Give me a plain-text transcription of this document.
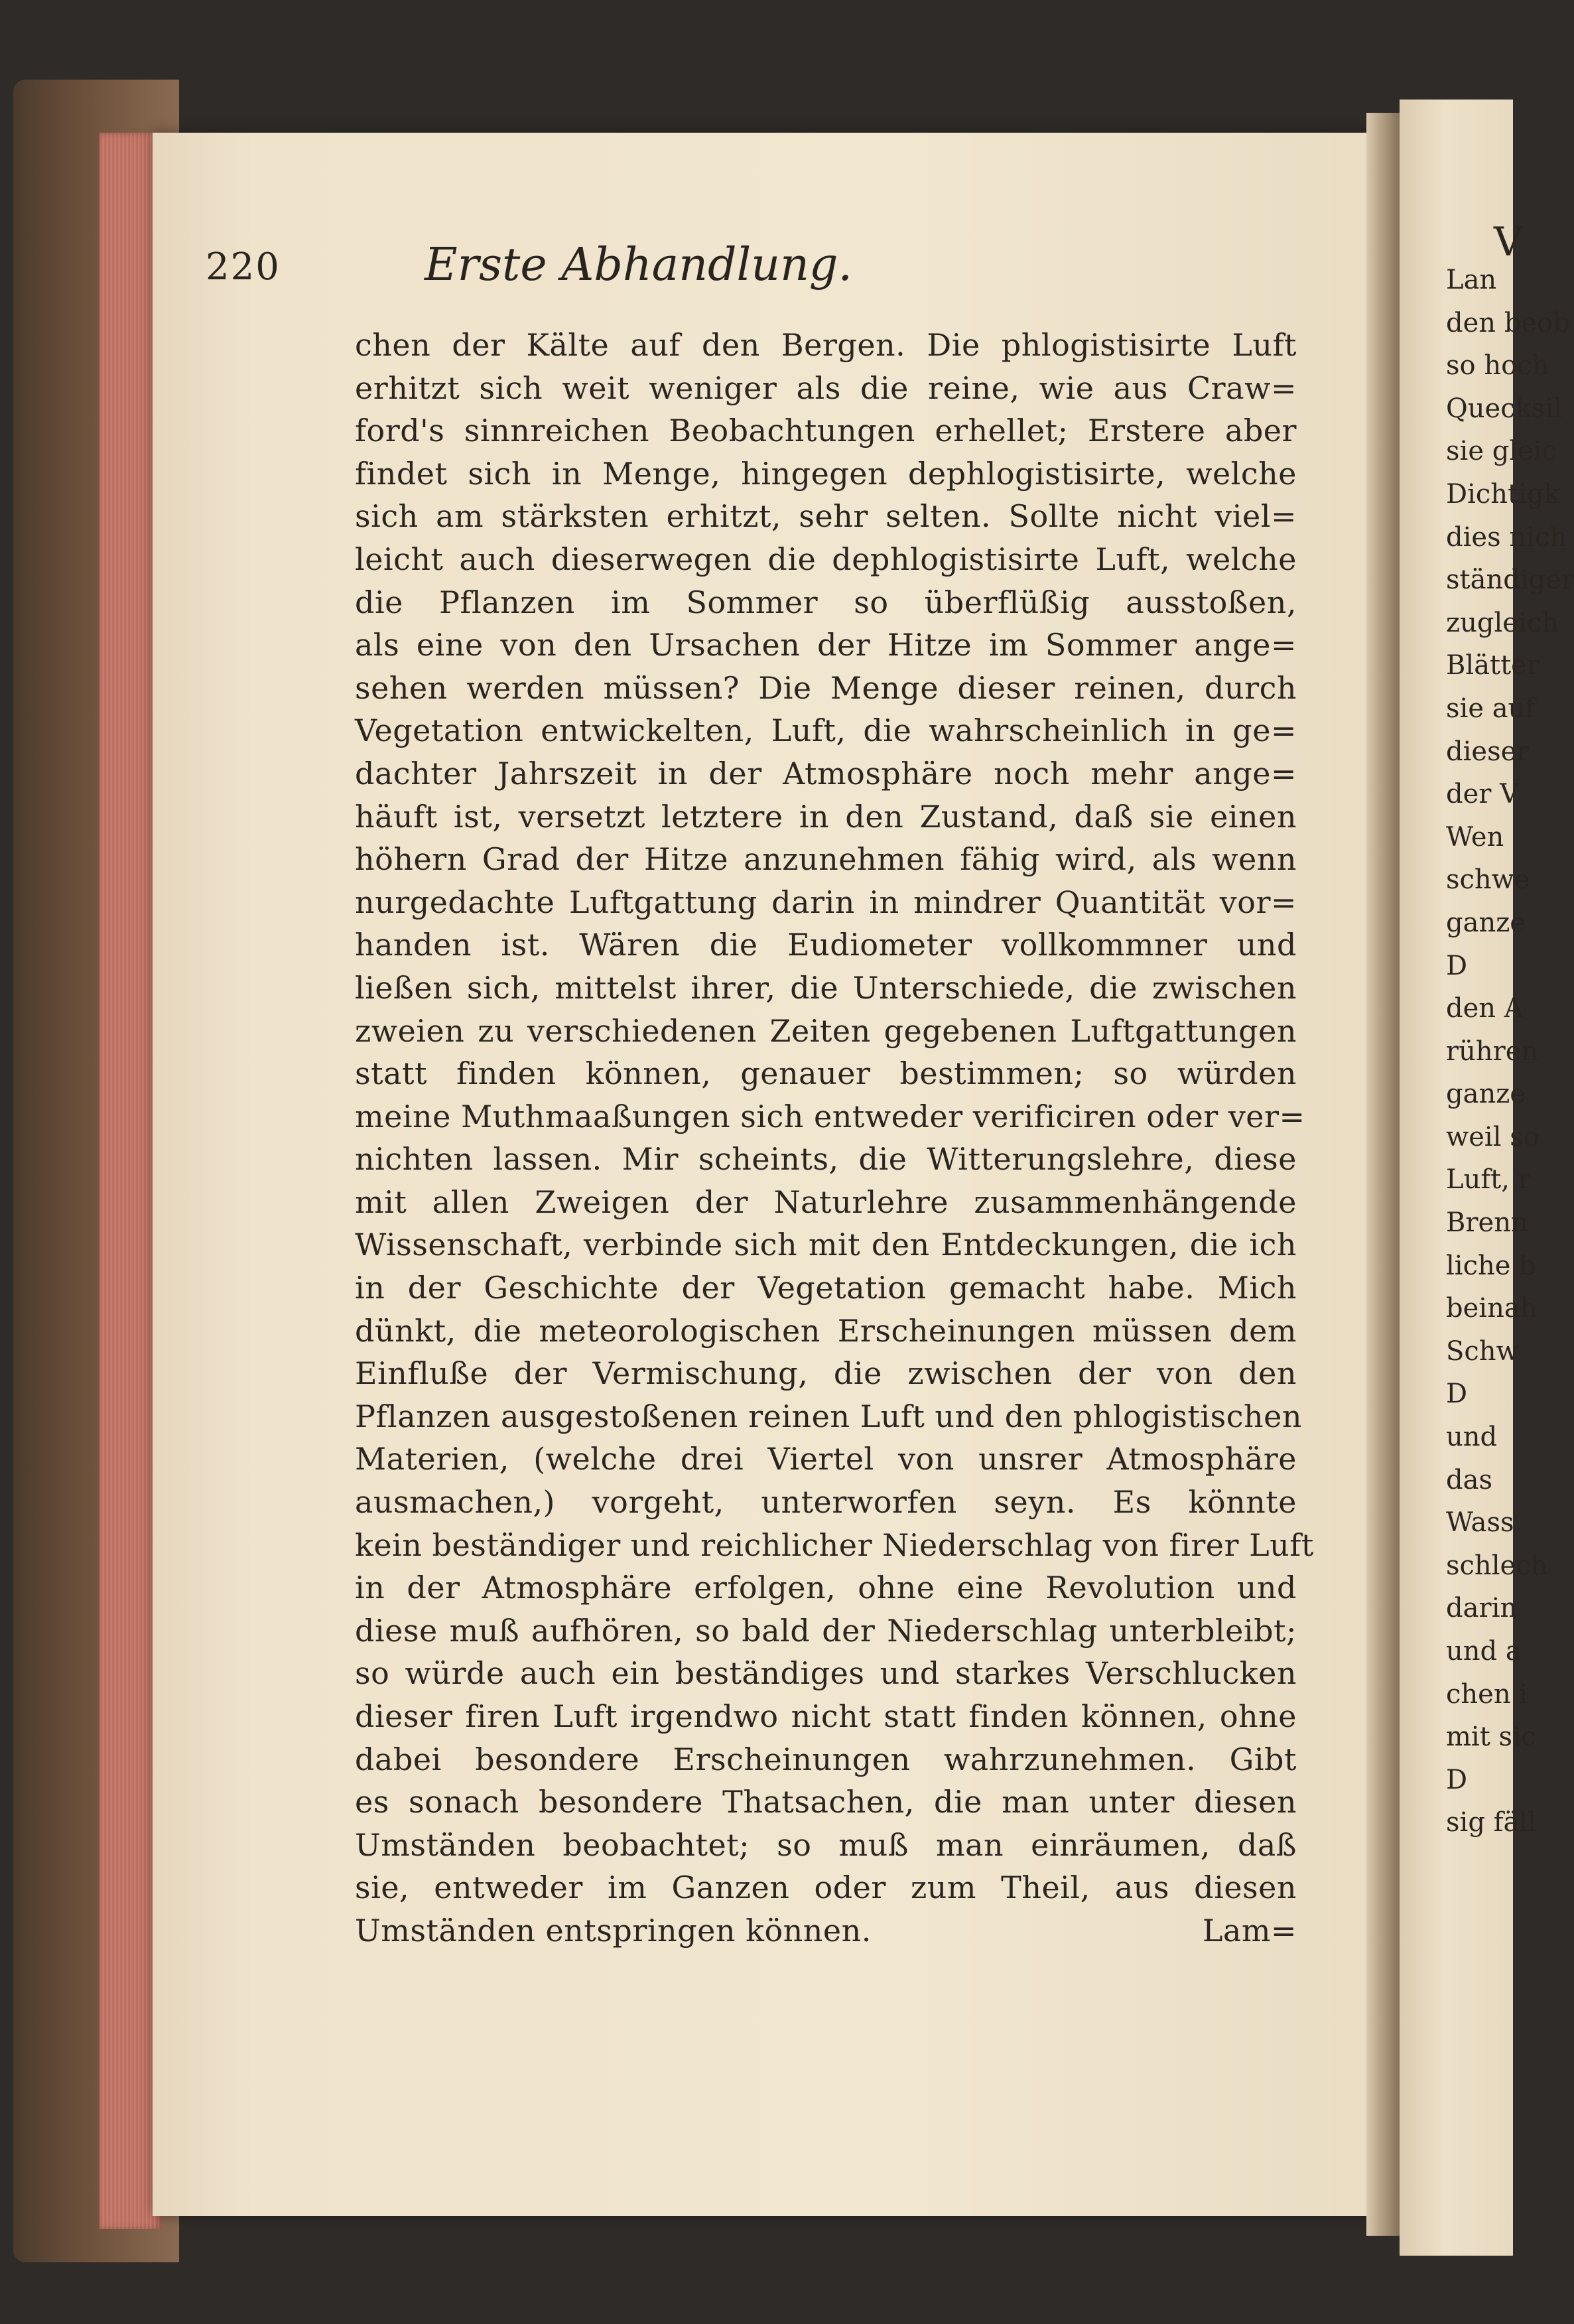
220	Erste Abhandlung.
chen der Kälte auf den Bergen. Die phlogistisirte Luft
erhitzt sich weit weniger als die reine, wie aus Craw=
ford's sinnreichen Beobachtungen erhellet; Erstere aber
findet sich in Menge, hingegen dephlogistisirte, welche
sich am stärksten erhitzt, sehr selten. Sollte nicht viel=
leicht auch dieserwegen die dephlogistisirte Luft, welche
die Pflanzen im Sommer so überflüßig ausstoßen,
als eine von den Ursachen der Hitze im Sommer ange=
sehen werden müssen? Die Menge dieser reinen, durch
Vegetation entwickelten, Luft, die wahrscheinlich in ge=
dachter Jahrszeit in der Atmosphäre noch mehr ange=
häuft ist, versetzt letztere in den Zustand, daß sie einen
höhern Grad der Hitze anzunehmen fähig wird, als wenn
nurgedachte Luftgattung darin in mindrer Quantität vor=
handen ist. Wären die Eudiometer vollkommner und
ließen sich, mittelst ihrer, die Unterschiede, die zwischen
zweien zu verschiedenen Zeiten gegebenen Luftgattungen
statt finden können, genauer bestimmen; so würden
meine Muthmaaßungen sich entweder verificiren oder ver=
nichten lassen. Mir scheints, die Witterungslehre, diese
mit allen Zweigen der Naturlehre zusammenhängende
Wissenschaft, verbinde sich mit den Entdeckungen, die ich
in der Geschichte der Vegetation gemacht habe. Mich
dünkt, die meteorologischen Erscheinungen müssen dem
Einfluße der Vermischung, die zwischen der von den
Pflanzen ausgestoßenen reinen Luft und den phlogistischen
Materien, (welche drei Viertel von unsrer Atmosphäre
ausmachen,) vorgeht, unterworfen seyn. Es könnte
kein beständiger und reichlicher Niederschlag von firer Luft
in der Atmosphäre erfolgen, ohne eine Revolution und
diese muß aufhören, so bald der Niederschlag unterbleibt;
so würde auch ein beständiges und starkes Verschlucken
dieser firen Luft irgendwo nicht statt finden können, ohne
dabei besondere Erscheinungen wahrzunehmen. Gibt
es sonach besondere Thatsachen, die man unter diesen
Umständen beobachtet; so muß man einräumen, daß
sie, entweder im Ganzen oder zum Theil, aus diesen
Umständen entspringen können.	Lam=
V
Lan
den beob
so hoch
Quecksil
sie gleic
Dichtigk
dies nich
ständiger
zugleich
Blätter
sie auf
dieser
der V
Wen
schwe
ganze
D
den A
rühren
ganze
weil so
Luft, r
Brenn
liche b
beinah
Schw
D
und
das
Wass
schlech
darin
und a
chen i
mit sic
D
sig fäll
